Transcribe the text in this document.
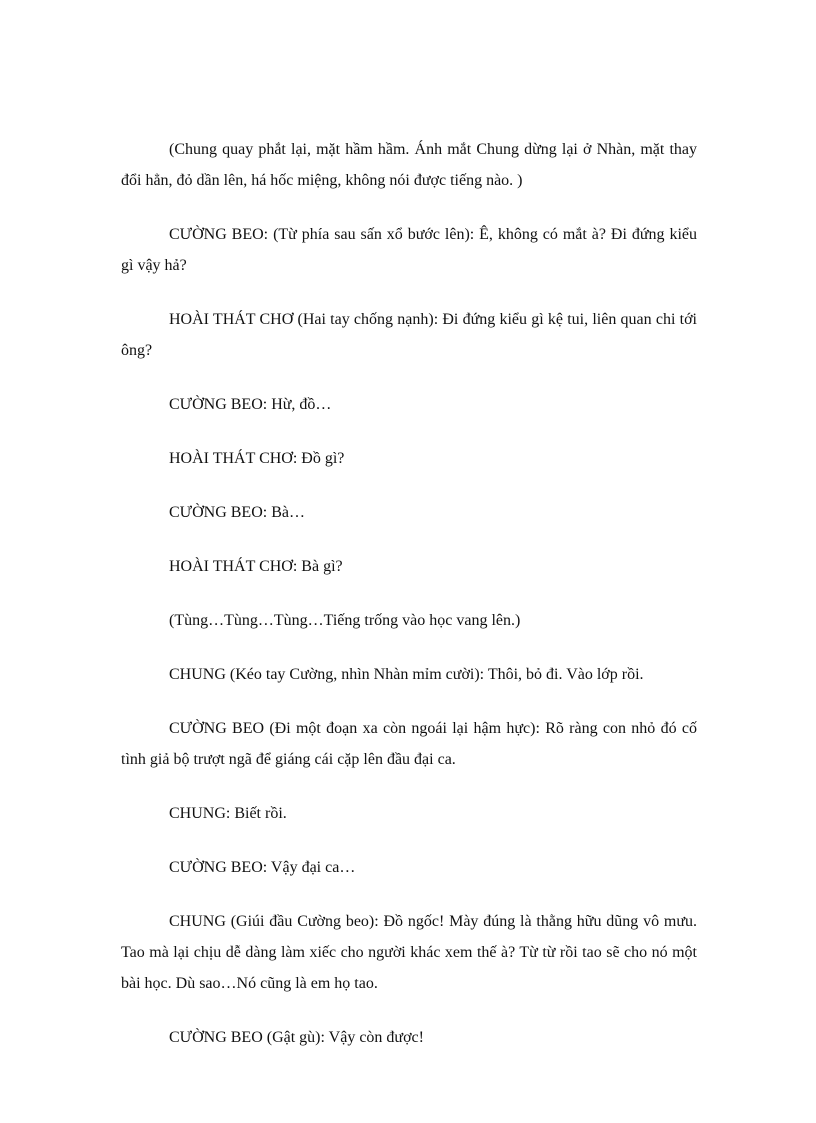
(Chung quay phắt lại, mặt hầm hầm. Ánh mắt Chung dừng lại ở Nhàn, mặt thay đổi hẳn, đỏ dần lên, há hốc miệng, không nói được tiếng nào. )

CƯỜNG BEO: (Từ phía sau sấn xổ bước lên): Ê, không có mắt à? Đi đứng kiểu gì vậy hả?

HOÀI THÁT CHƠ (Hai tay chống nạnh): Đi đứng kiểu gì kệ tui, liên quan chi tới ông?

CƯỜNG BEO: Hừ, đồ…

HOÀI THÁT CHƠ: Đồ gì?

CƯỜNG BEO: Bà…

HOÀI THÁT CHƠ: Bà gì?

(Tùng…Tùng…Tùng…Tiếng trống vào học vang lên.)

CHUNG (Kéo tay Cường, nhìn Nhàn mỉm cười): Thôi, bỏ đi. Vào lớp rồi.

CƯỜNG BEO (Đi một đoạn xa còn ngoái lại hậm hực): Rõ ràng con nhỏ đó cố tình giả bộ trượt ngã để giáng cái cặp lên đầu đại ca.

CHUNG: Biết rồi.

CƯỜNG BEO: Vậy đại ca…

CHUNG (Giúi đầu Cường beo): Đồ ngốc! Mày đúng là thằng hữu dũng vô mưu. Tao mà lại chịu dễ dàng làm xiếc cho người khác xem thế à? Từ từ rồi tao sẽ cho nó một bài học. Dù sao…Nó cũng là em họ tao.

CƯỜNG BEO (Gật gù): Vậy còn được!
